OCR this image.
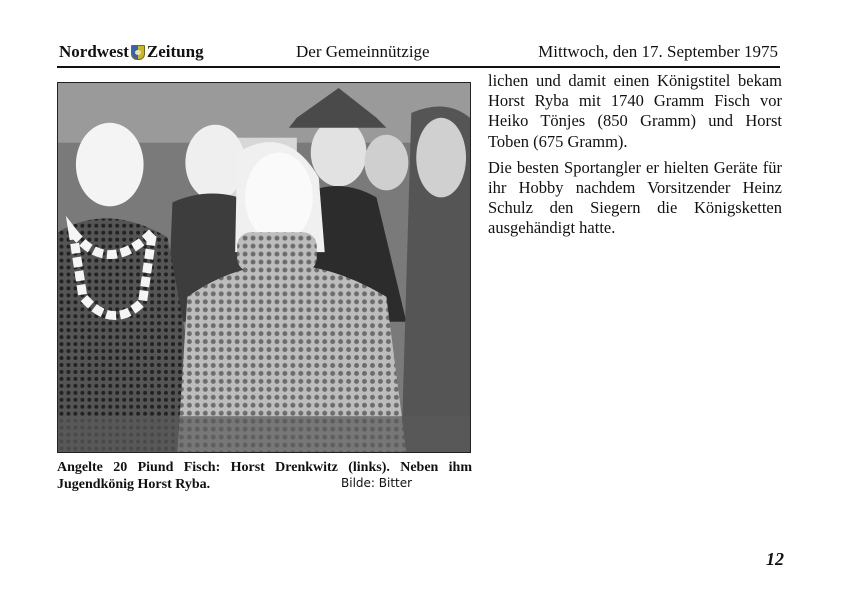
Nordwest Zeitung	Der Gemeinnützige	Mittwoch, den 17. September 1975
Angelte 20 Piund Fisch: Horst Drenkwitz (links). Neben ihm Jugendkönig Horst Ryba.	Bilde: Bitter

lichen und damit einen Königstitel bekam Horst Ryba mit 1740 Gramm Fisch vor Heiko Tönjes (850 Gramm) und Horst Toben (675 Gramm).

Die besten Sportangler er hielten Geräte für ihr Hobby nachdem Vorsitzender Heinz Schulz den Siegern die Königsketten ausgehändigt hatte.

12
